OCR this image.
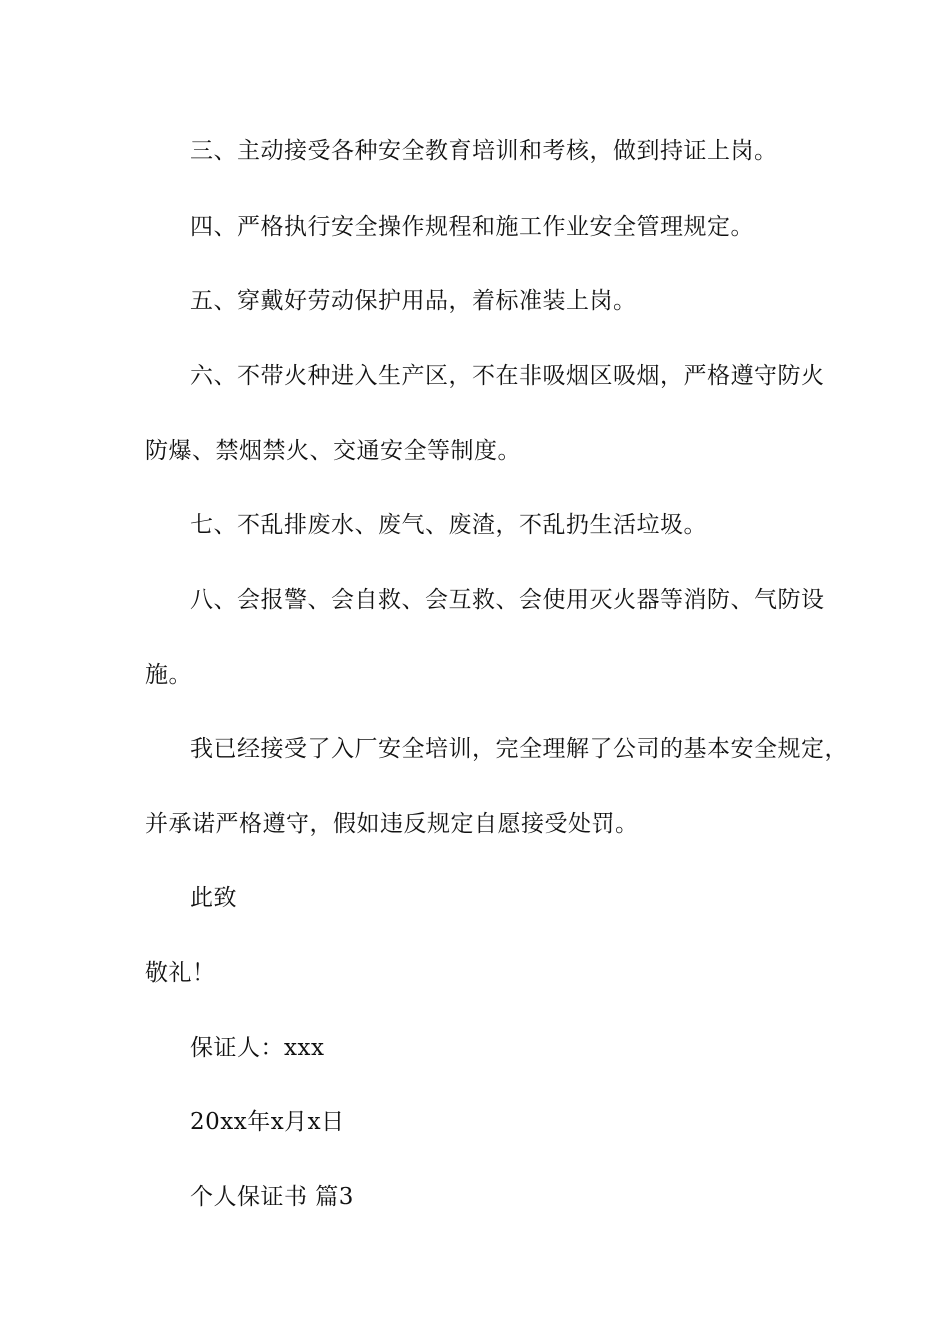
三、主动接受各种安全教育培训和考核，做到持证上岗。
四、严格执行安全操作规程和施工作业安全管理规定。
五、穿戴好劳动保护用品，着标准装上岗。
六、不带火种进入生产区，不在非吸烟区吸烟，严格遵守防火
防爆、禁烟禁火、交通安全等制度。
七、不乱排废水、废气、废渣，不乱扔生活垃圾。
八、会报警、会自救、会互救、会使用灭火器等消防、气防设
施。
我已经接受了入厂安全培训，完全理解了公司的基本安全规定，
并承诺严格遵守，假如违反规定自愿接受处罚。
此致
敬礼！
保证人：xxx
20xx年x月x日
个人保证书 篇3
